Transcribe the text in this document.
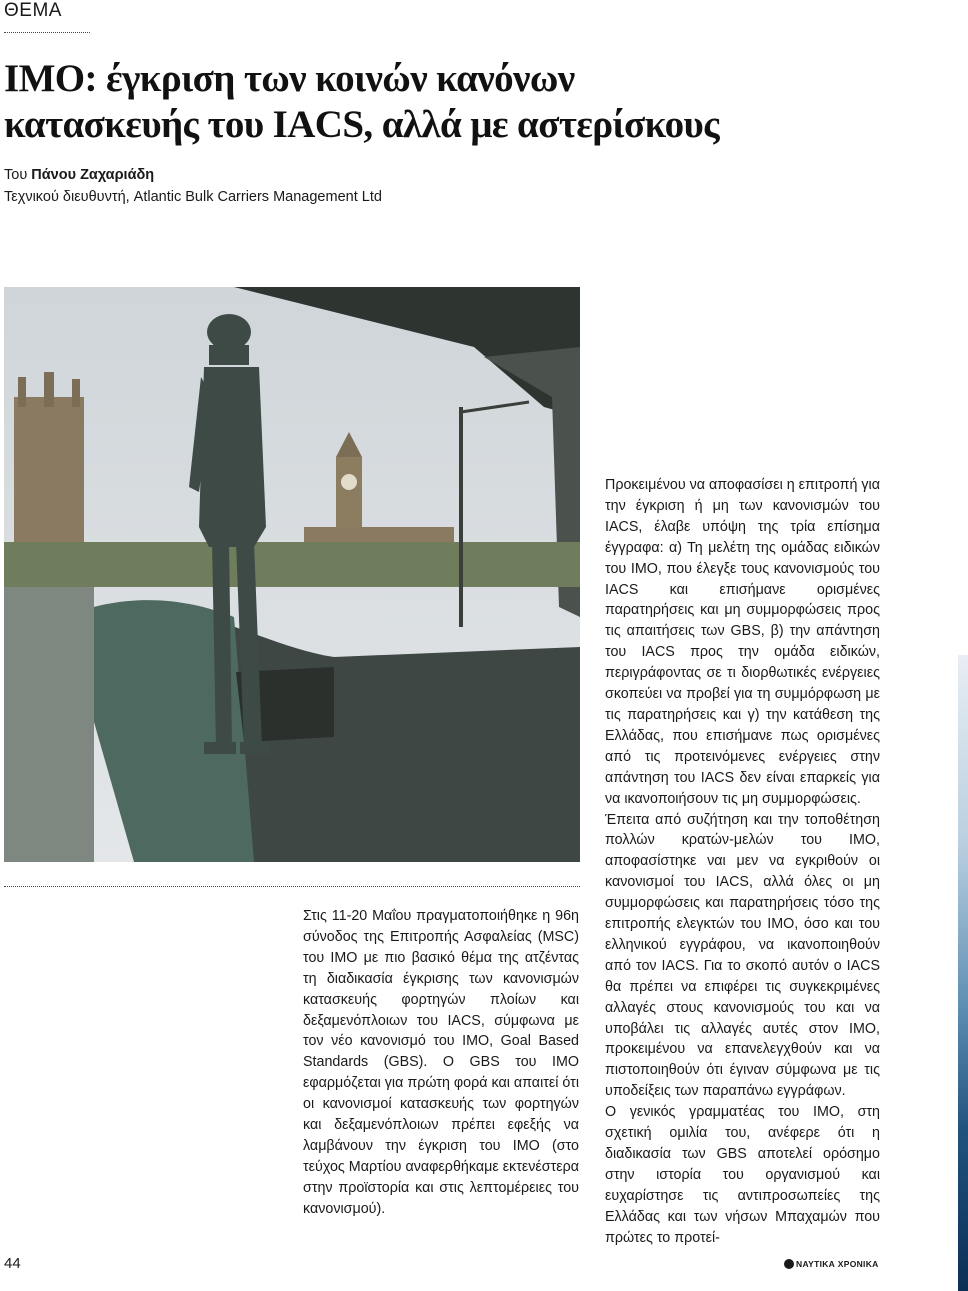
ΘΕΜΑ
ΙΜΟ: έγκριση των κοινών κανόνων
κατασκευής του IACS, αλλά με αστερίσκους
Του Πάνου Ζαχαριάδη
Τεχνικού διευθυντή, Atlantic Bulk Carriers Management Ltd

Στις 11-20 Μαΐου πραγματοποιήθηκε η 96η σύνοδος της Επιτροπής Ασφαλείας (MSC) του IMO με πιο βασικό θέμα της ατζέντας τη διαδικασία έγκρισης των κανονισμών κατασκευής φορτηγών πλοίων και δεξαμενόπλοιων του IACS, σύμφωνα με τον νέο κανονισμό του IMO, Goal Based Standards (GBS). O GBS του IMO εφαρμόζεται για πρώτη φορά και απαιτεί ότι οι κανονισμοί κατασκευής των φορτηγών και δεξαμενόπλοιων πρέπει εφεξής να λαμβάνουν την έγκριση του IMO (στο τεύχος Μαρτίου αναφερθήκαμε εκτενέστερα στην προϊστορία και στις λεπτομέρειες του κανονισμού).

Προκειμένου να αποφασίσει η επιτροπή για την έγκριση ή μη των κανονισμών του IACS, έλαβε υπόψη της τρία επίσημα έγγραφα: α) Τη μελέτη της ομάδας ειδικών του IMO, που έλεγξε τους κανονισμούς του IACS και επισήμανε ορισμένες παρατηρήσεις και μη συμμορφώσεις προς τις απαιτήσεις των GBS, β) την απάντηση του IACS προς την ομάδα ειδικών, περιγράφοντας σε τι διορθωτικές ενέργειες σκοπεύει να προβεί για τη συμμόρφωση με τις παρατηρήσεις και γ) την κατάθεση της Ελλάδας, που επισήμανε πως ορισμένες από τις προτεινόμενες ενέργειες στην απάντηση του IACS δεν είναι επαρκείς για να ικανοποιήσουν τις μη συμμορφώσεις.

Έπειτα από συζήτηση και την τοποθέτηση πολλών κρατών-μελών του IMO, αποφασίστηκε ναι μεν να εγκριθούν οι κανονισμοί του IACS, αλλά όλες οι μη συμμορφώσεις και παρατηρήσεις τόσο της επιτροπής ελεγκτών του IMO, όσο και του ελληνικού εγγράφου, να ικανοποιηθούν από τον IACS. Για το σκοπό αυτόν ο IACS θα πρέπει να επιφέρει τις συγκεκριμένες αλλαγές στους κανονισμούς του και να υποβάλει τις αλλαγές αυτές στον IMO, προκειμένου να επανελεγχθούν και να πιστοποιηθούν ότι έγιναν σύμφωνα με τις υποδείξεις των παραπάνω εγγράφων.

Ο γενικός γραμματέας του IMO, στη σχετική ομιλία του, ανέφερε ότι η διαδικασία των GBS αποτελεί ορόσημο στην ιστορία του οργανισμού και ευχαρίστησε τις αντιπροσωπείες της Ελλάδας και των νήσων Μπαχαμών που πρώτες το προτεί-

44	ΝΑΥΤΙΚΑ ΧΡΟΝΙΚΑ
